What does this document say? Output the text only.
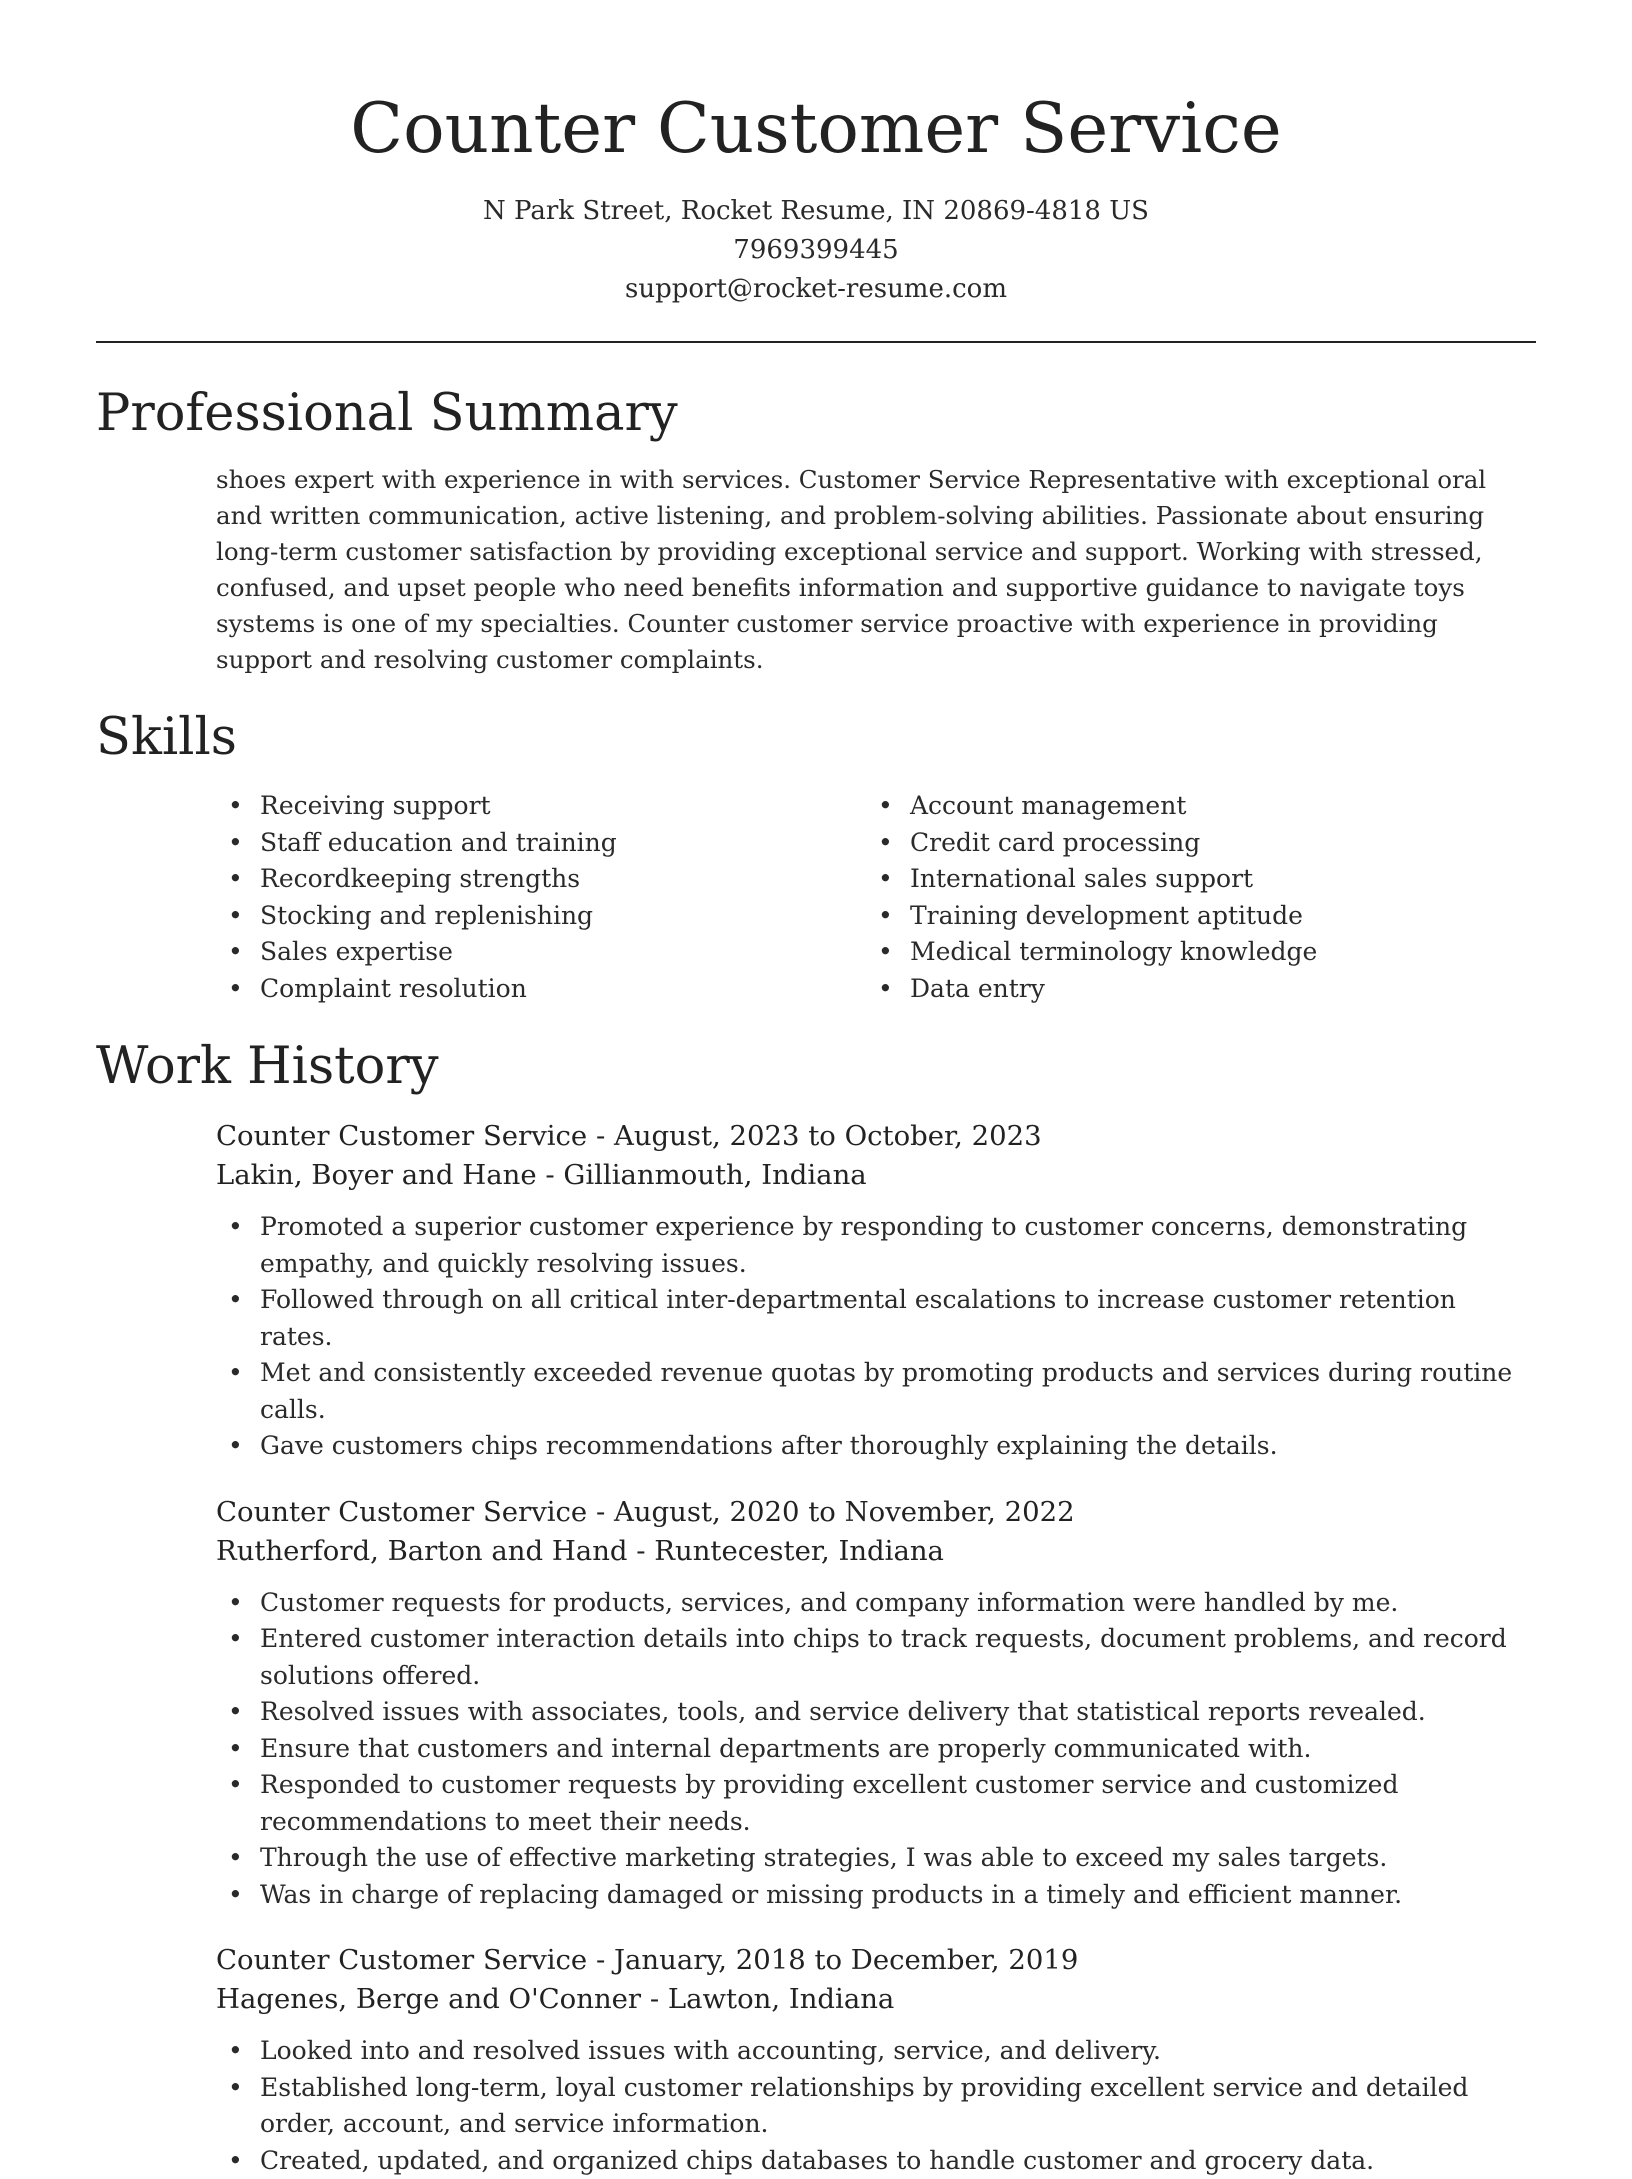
Counter Customer Service
N Park Street, Rocket Resume, IN 20869-4818 US
7969399445
support@rocket-resume.com
Professional Summary

shoes expert with experience in with services. Customer Service Representative with exceptional oral and written communication, active listening, and problem-solving abilities. Passionate about ensuring long-term customer satisfaction by providing exceptional service and support. Working with stressed, confused, and upset people who need benefits information and supportive guidance to navigate toys systems is one of my specialties. Counter customer service proactive with experience in providing support and resolving customer complaints.

Skills
• Receiving support
• Staff education and training
• Recordkeeping strengths
• Stocking and replenishing
• Sales expertise
• Complaint resolution
• Account management
• Credit card processing
• International sales support
• Training development aptitude
• Medical terminology knowledge
• Data entry
Work History
Counter Customer Service - August, 2023 to October, 2023
Lakin, Boyer and Hane - Gillianmouth, Indiana
• Promoted a superior customer experience by responding to customer concerns, demonstrating empathy, and quickly resolving issues.
• Followed through on all critical inter-departmental escalations to increase customer retention rates.
• Met and consistently exceeded revenue quotas by promoting products and services during routine calls.
• Gave customers chips recommendations after thoroughly explaining the details.
Counter Customer Service - August, 2020 to November, 2022
Rutherford, Barton and Hand - Runtecester, Indiana
• Customer requests for products, services, and company information were handled by me.
• Entered customer interaction details into chips to track requests, document problems, and record solutions offered.
• Resolved issues with associates, tools, and service delivery that statistical reports revealed.
• Ensure that customers and internal departments are properly communicated with.
• Responded to customer requests by providing excellent customer service and customized recommendations to meet their needs.
• Through the use of effective marketing strategies, I was able to exceed my sales targets.
• Was in charge of replacing damaged or missing products in a timely and efficient manner.
Counter Customer Service - January, 2018 to December, 2019
Hagenes, Berge and O'Conner - Lawton, Indiana
• Looked into and resolved issues with accounting, service, and delivery.
• Established long-term, loyal customer relationships by providing excellent service and detailed order, account, and service information.
• Created, updated, and organized chips databases to handle customer and grocery data.
